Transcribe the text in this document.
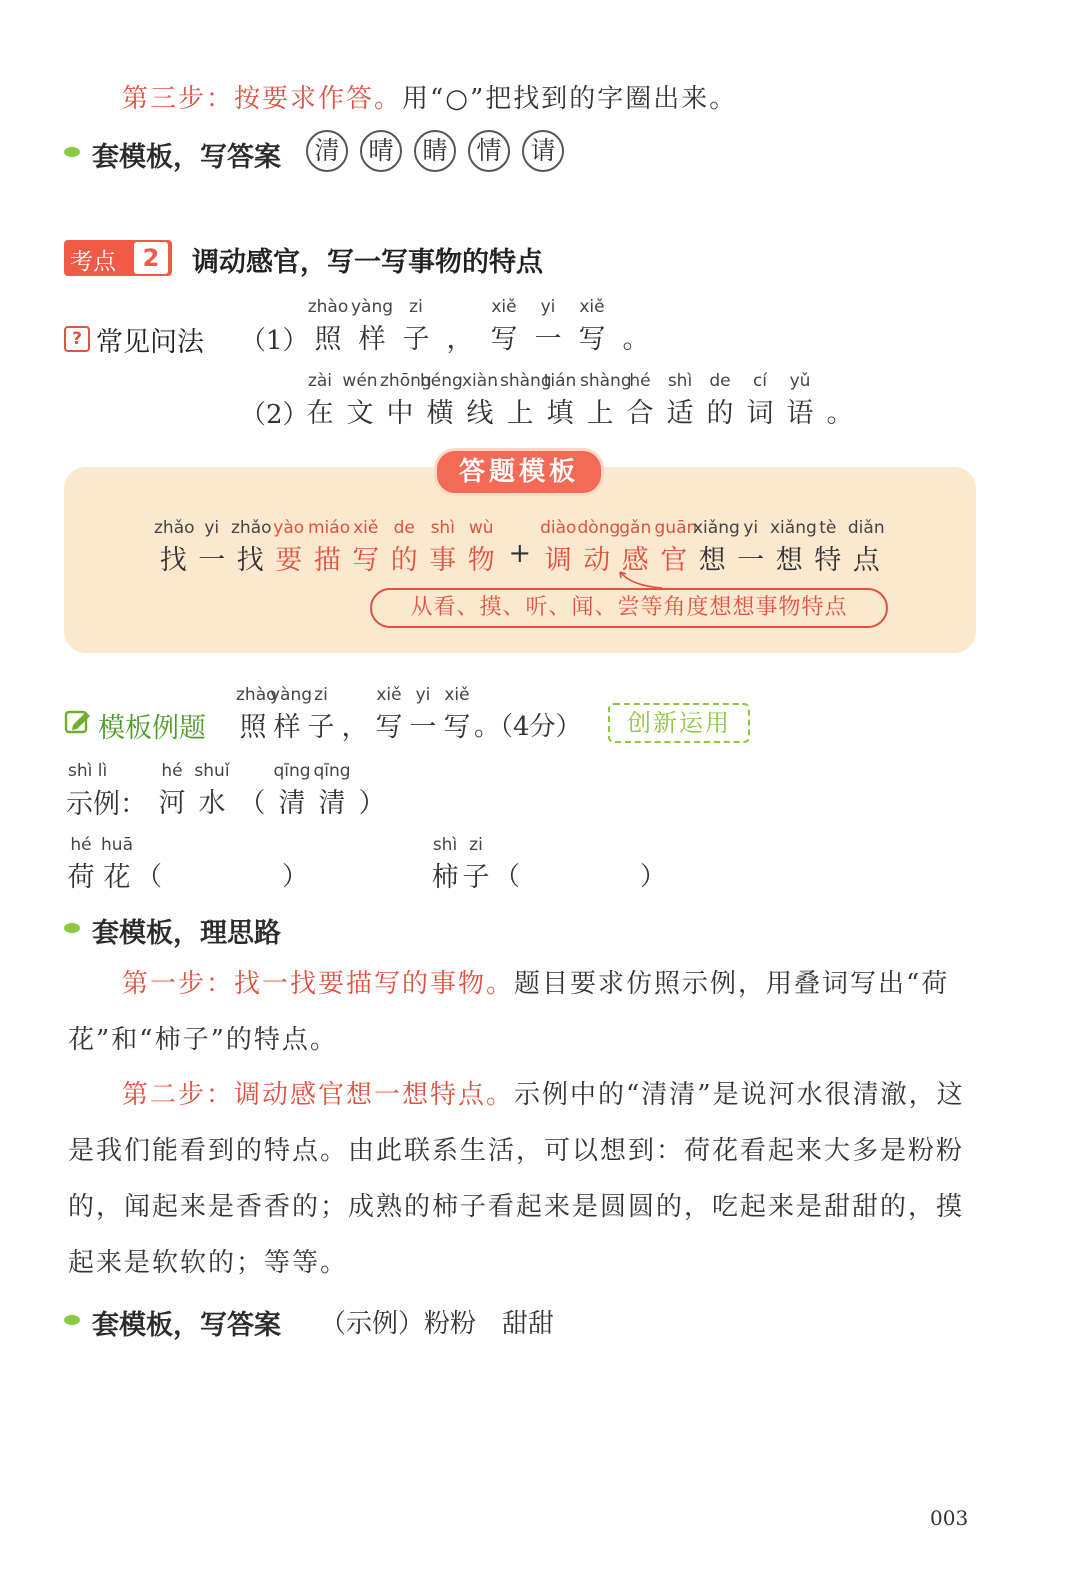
第三步：按要求作答。用“○”把找到的字圈出来。
套模板，写答案	清 晴 睛 情 请
考点	2	调动感官，写一写事物的特点
? 常见问法 （1）
zhào
照
yàng
样
zi
子
，
xiě
写
yi
一
xiě
写
。
（2）
zài
在
wén
文
zhōng
中
héng
横
xiàn
线
shàng
上
tián
填
shàng
上
hé
合
shì
适
de
的
cí
词
yǔ
语
。
答题模板
zhǎo
找
yi
一
zhǎo
找
yào
要
miáo
描
xiě
写
de
的
shì
事
wù
物
+
diào
调
dòng
动
gǎn
感
guān
官
xiǎng
想
yi
一
xiǎng
想
tè
特
diǎn
点
从看、摸、听、闻、尝等角度想想事物特点
模板例题
zhào
照
yàng
样
zi
子
，
xiě
写
yi
一
xiě
写 。（4分）	创新运用
shì lì
示例：
hé
河
shuǐ
水
（
qīng
清
qīng
清
）
hé
荷
huā
花 （	）
shì
柿
zi
子 （	）
套模板，理思路
第一步：找一找要描写的事物。题目要求仿照示例，用叠词写出“荷花”和“柿子”的特点。
第二步：调动感官想一想特点。示例中的“清清”是说河水很清澈，这是我们能看到的特点。由此联系生活，可以想到：荷花看起来大多是粉粉的，闻起来是香香的；成熟的柿子看起来是圆圆的，吃起来是甜甜的，摸起来是软软的；等等。
套模板，写答案 （示例）粉粉　甜甜
003
